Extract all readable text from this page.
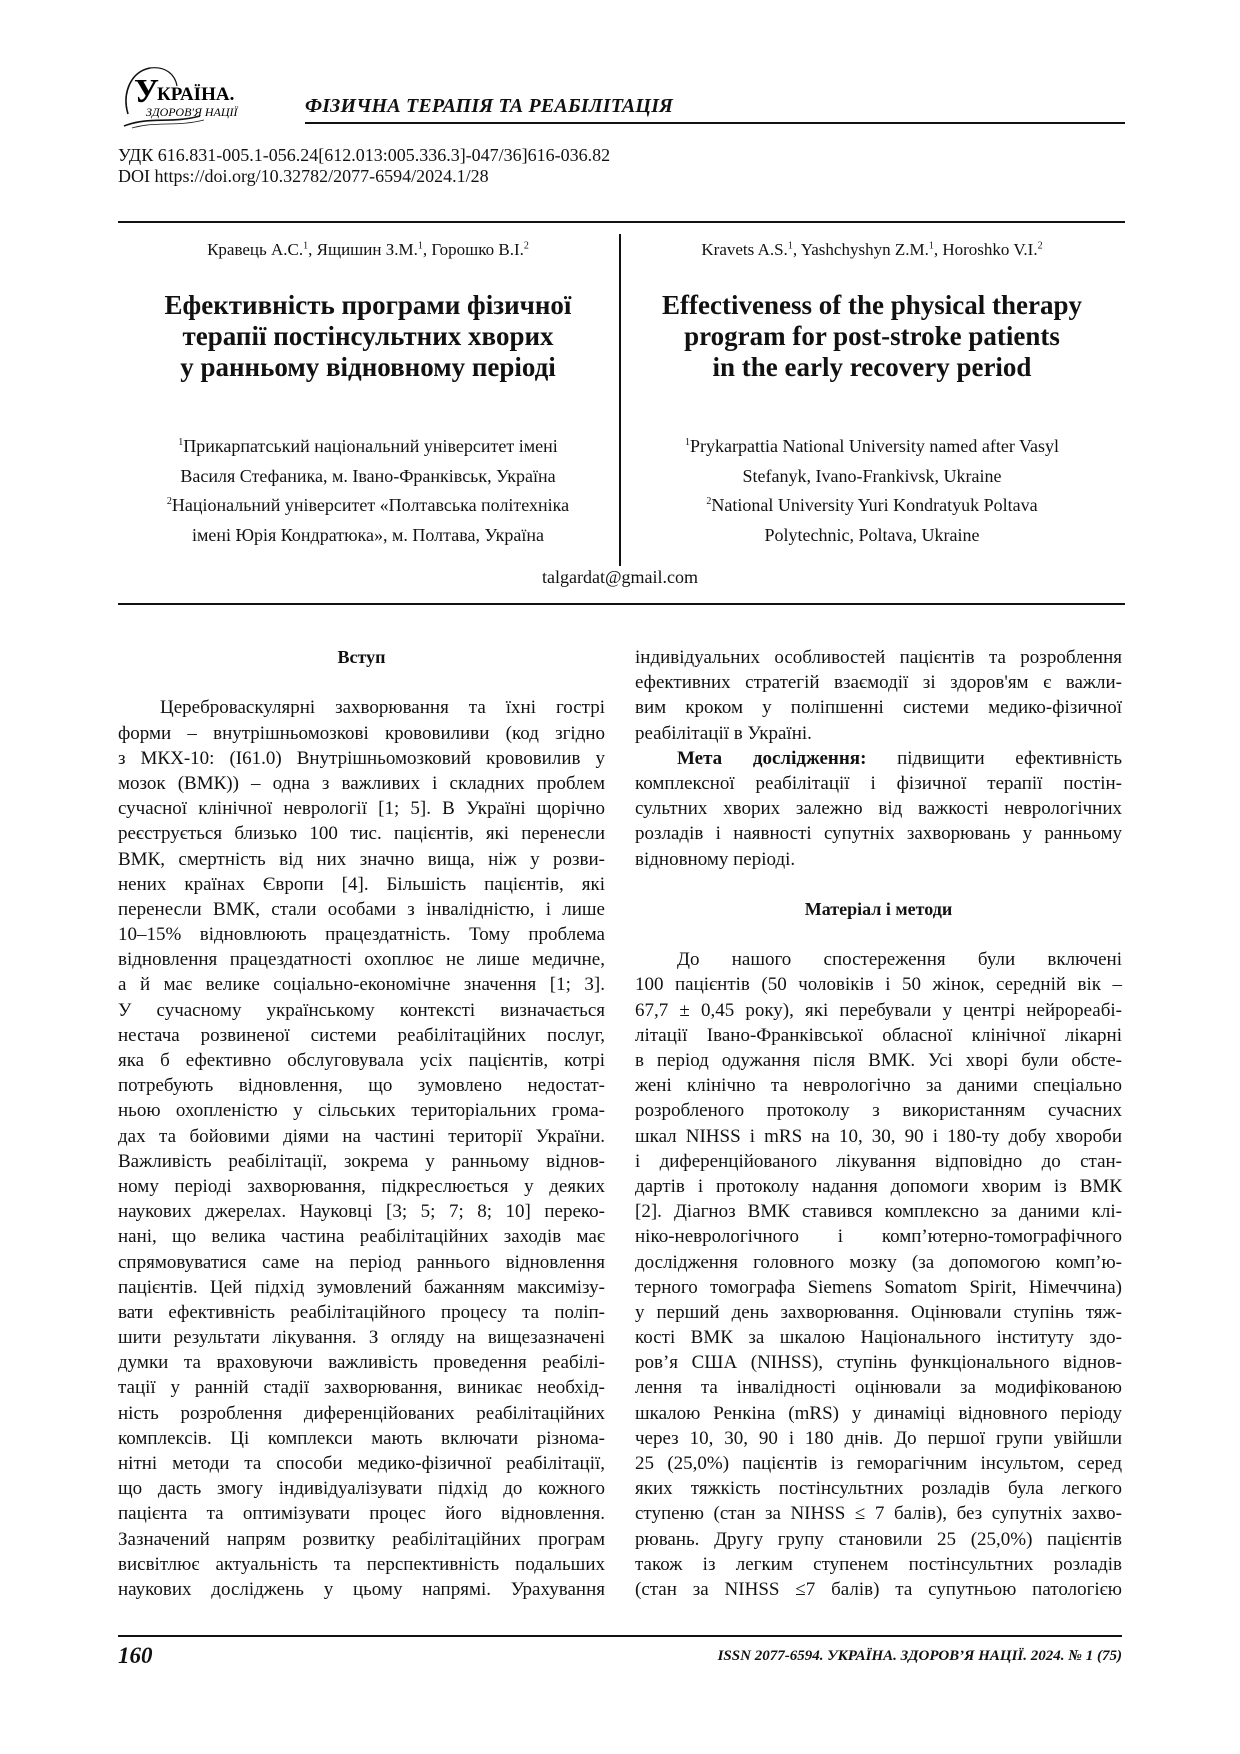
У
КРАЇНА.
ЗДОРОВ'Я НАЦІЇ	ФІЗИЧНА ТЕРАПІЯ ТА РЕАБІЛІТАЦІЯ
УДК 616.831-005.1-056.24[612.013:005.336.3]-047/36]616-036.82
DOI https://doi.org/10.32782/2077-6594/2024.1/28
Кравець А.С.$^1$, Ящишин З.М.$^1$, Горошко В.І.$^2$
Ефективність програми фізичної
терапії постінсультних хворих
у ранньому відновному періоді
$^1$Прикарпатський національний університет імені
Василя Стефаника, м. Івано-Франківськ, Україна
$^2$Національний університет «Полтавська політехніка
імені Юрія Кондратюка», м. Полтава, Україна
Kravets A.S.$^1$, Yashchyshyn Z.M.$^1$, Horoshko V.I.$^2$
Effectiveness of the physical therapy
program for post-stroke patients
in the early recovery period
$^1$Prykarpattia National University named after Vasyl
Stefanyk, Ivano-Frankivsk, Ukraine
$^2$National University Yuri Kondratyuk Poltava
Polytechnic, Poltava, Ukraine
talgardat@gmail.com
Вступ
Цереброваскулярні захворювання та їхні гострі
форми – внутрішньомозкові крововиливи (код згідно
з МКХ-10: (I61.0) Внутрішньомозковий крововилив у
мозок (ВМК)) – одна з важливих і складних проблем
сучасної клінічної неврології [1; 5]. В Україні щорічно
реєструється близько 100 тис. пацієнтів, які перенесли
ВМК, смертність від них значно вища, ніж у розви-
нених країнах Європи [4]. Більшість пацієнтів, які
перенесли ВМК, стали особами з інвалідністю, і лише
10–15% відновлюють працездатність. Тому проблема
відновлення працездатності охоплює не лише медичне,
а й має велике соціально-економічне значення [1; 3].
У сучасному українському контексті визначається
нестача розвиненої системи реабілітаційних послуг,
яка б ефективно обслуговувала усіх пацієнтів, котрі
потребують відновлення, що зумовлено недостат-
ньою охопленістю у сільських територіальних грома-
дах та бойовими діями на частині території України.
Важливість реабілітації, зокрема у ранньому віднов-
ному періоді захворювання, підкреслюється у деяких
наукових джерелах. Науковці [3; 5; 7; 8; 10] переко-
нані, що велика частина реабілітаційних заходів має
спрямовуватися саме на період раннього відновлення
пацієнтів. Цей підхід зумовлений бажанням максимізу-
вати ефективність реабілітаційного процесу та поліп-
шити результати лікування. З огляду на вищезазначені
думки та враховуючи важливість проведення реабілі-
тації у ранній стадії захворювання, виникає необхід-
ність розроблення диференційованих реабілітаційних
комплексів. Ці комплекси мають включати різнома-
нітні методи та способи медико-фізичної реабілітації,
що дасть змогу індивідуалізувати підхід до кожного
пацієнта та оптимізувати процес його відновлення.
Зазначений напрям розвитку реабілітаційних програм
висвітлює актуальність та перспективність подальших
наукових досліджень у цьому напрямі. Урахування
індивідуальних особливостей пацієнтів та розроблення
ефективних стратегій взаємодії зі здоров'ям є важли-
вим кроком у поліпшенні системи медико-фізичної
реабілітації в Україні.
Мета дослідження: підвищити ефективність
комплексної реабілітації і фізичної терапії постін-
сультних хворих залежно від важкості неврологічних
розладів і наявності супутніх захворювань у ранньому
відновному періоді.
Матеріал і методи
До нашого спостереження були включені
100 пацієнтів (50 чоловіків і 50 жінок, середній вік –
67,7 ± 0,45 року), які перебували у центрі нейрореабі-
літації Івано-Франківської обласної клінічної лікарні
в період одужання після ВМК. Усі хворі були обсте-
жені клінічно та неврологічно за даними спеціально
розробленого протоколу з використанням сучасних
шкал NIHSS і mRS на 10, 30, 90 і 180-ту добу хвороби
і диференційованого лікування відповідно до стан-
дартів і протоколу надання допомоги хворим із ВМК
[2]. Діагноз ВМК ставився комплексно за даними клі-
ніко-неврологічного і комп’ютерно-томографічного
дослідження головного мозку (за допомогою комп’ю-
терного томографа Siemens Somatom Spirit, Німеччина)
у перший день захворювання. Оцінювали ступінь тяж-
кості ВМК за шкалою Національного інституту здо-
ров’я США (NIHSS), ступінь функціонального віднов-
лення та інвалідності оцінювали за модифікованою
шкалою Ренкіна (mRS) у динаміці відновного періоду
через 10, 30, 90 і 180 днів. До першої групи увійшли
25 (25,0%) пацієнтів із геморагічним інсультом, серед
яких тяжкість постінсультних розладів була легкого
ступеню (стан за NIHSS ≤ 7 балів), без супутніх захво-
рювань. Другу групу становили 25 (25,0%) пацієнтів
також із легким ступенем постінсультних розладів
(стан за NIHSS ≤7 балів) та супутньою патологією
160	ISSN 2077-6594. УКРАЇНА. ЗДОРОВ’Я НАЦІЇ. 2024. № 1 (75)
